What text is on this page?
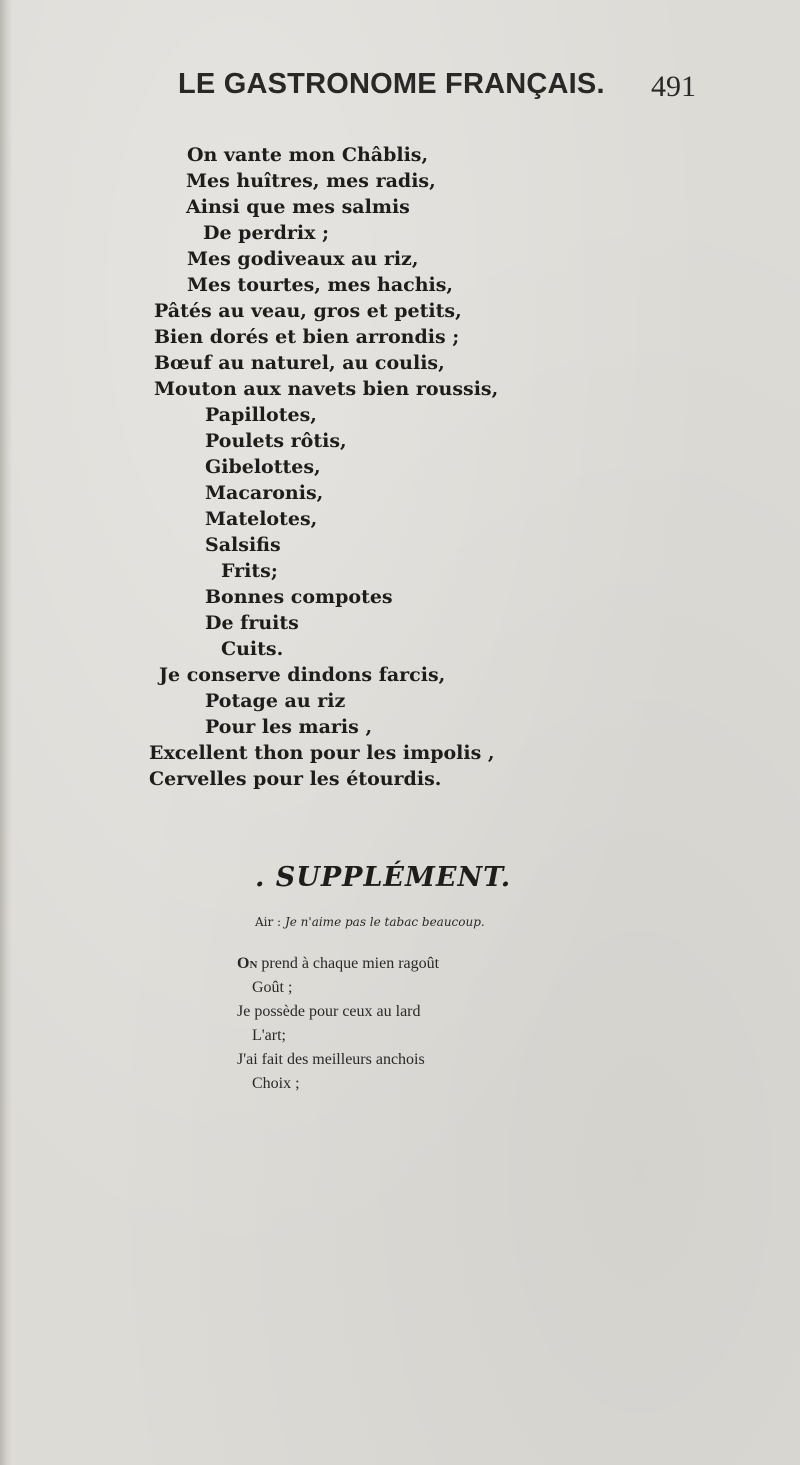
LE GASTRONOME FRANÇAIS.	491
On vante mon Châblis,
Mes huîtres, mes radis,
Ainsi que mes salmis
De perdrix ;
Mes godiveaux au riz,
Mes tourtes, mes hachis,
Pâtés au veau, gros et petits,
Bien dorés et bien arrondis ;
Bœuf au naturel, au coulis,
Mouton aux navets bien roussis,
Papillotes,
Poulets rôtis,
Gibelottes,
Macaronis,
Matelotes,
Salsifis
Frits;
Bonnes compotes
De fruits
Cuits.
Je conserve dindons farcis,
Potage au riz
Pour les maris ,
Excellent thon pour les impolis ,
Cervelles pour les étourdis.
. SUPPLÉMENT.
Air : Je n'aime pas le tabac beaucoup.
On prend à chaque mien ragoût
Goût ;
Je possède pour ceux au lard
L'art;
J'ai fait des meilleurs anchois
Choix ;
